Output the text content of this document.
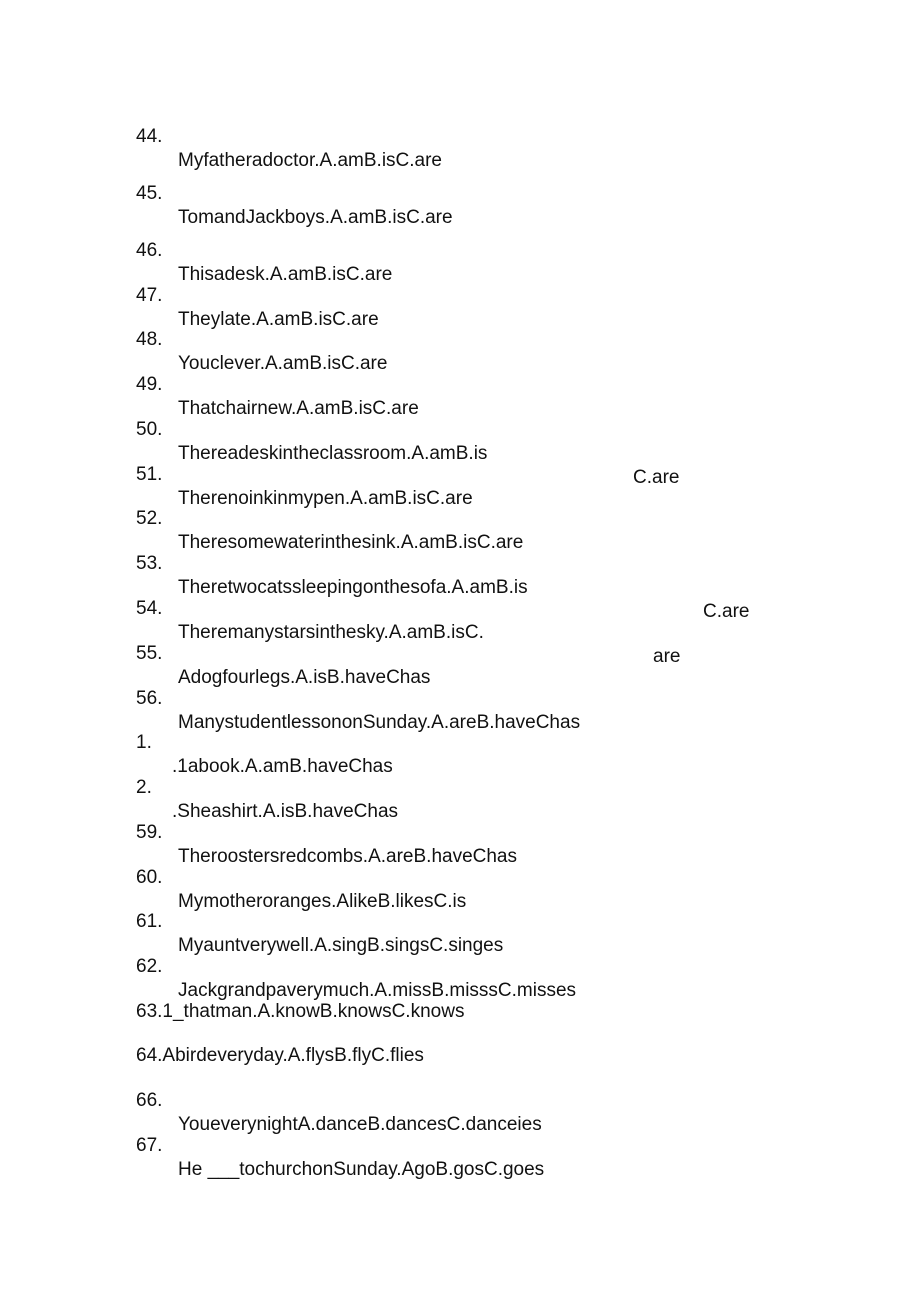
44.

Myfatheradoctor.A.amB.isC.are

45.

TomandJackboys.A.amB.isC.are

46.

Thisadesk.A.amB.isC.are

47.

Theylate.A.amB.isC.are

48.

Youclever.A.amB.isC.are

49.

Thatchairnew.A.amB.isC.are

50.

Thereadeskintheclassroom.A.amB.is

C.are

51.

Therenoinkinmypen.A.amB.isC.are

52.

Theresomewaterinthesink.A.amB.isC.are

53.

Theretwocatssleepingonthesofa.A.amB.is

C.are

54.

Theremanystarsinthesky.A.amB.isC.

are

55.

Adogfourlegs.A.isB.haveChas

56.

ManystudentlessononSunday.A.areB.haveChas

1.

.1abook.A.amB.haveChas

2.

.Sheashirt.A.isB.haveChas

59.

Theroostersredcombs.A.areB.haveChas

60.

Mymotheroranges.AlikeB.likesC.is

61.

Myauntverywell.A.singB.singsC.singes

62.

Jackgrandpaverymuch.A.missB.misssC.misses

63.1_thatman.A.knowB.knowsC.knows

64.Abirdeveryday.A.flysB.flyC.flies

66.

YoueverynightA.danceB.dancesC.danceies

67.

He ___tochurchonSunday.AgoB.gosC.goes
